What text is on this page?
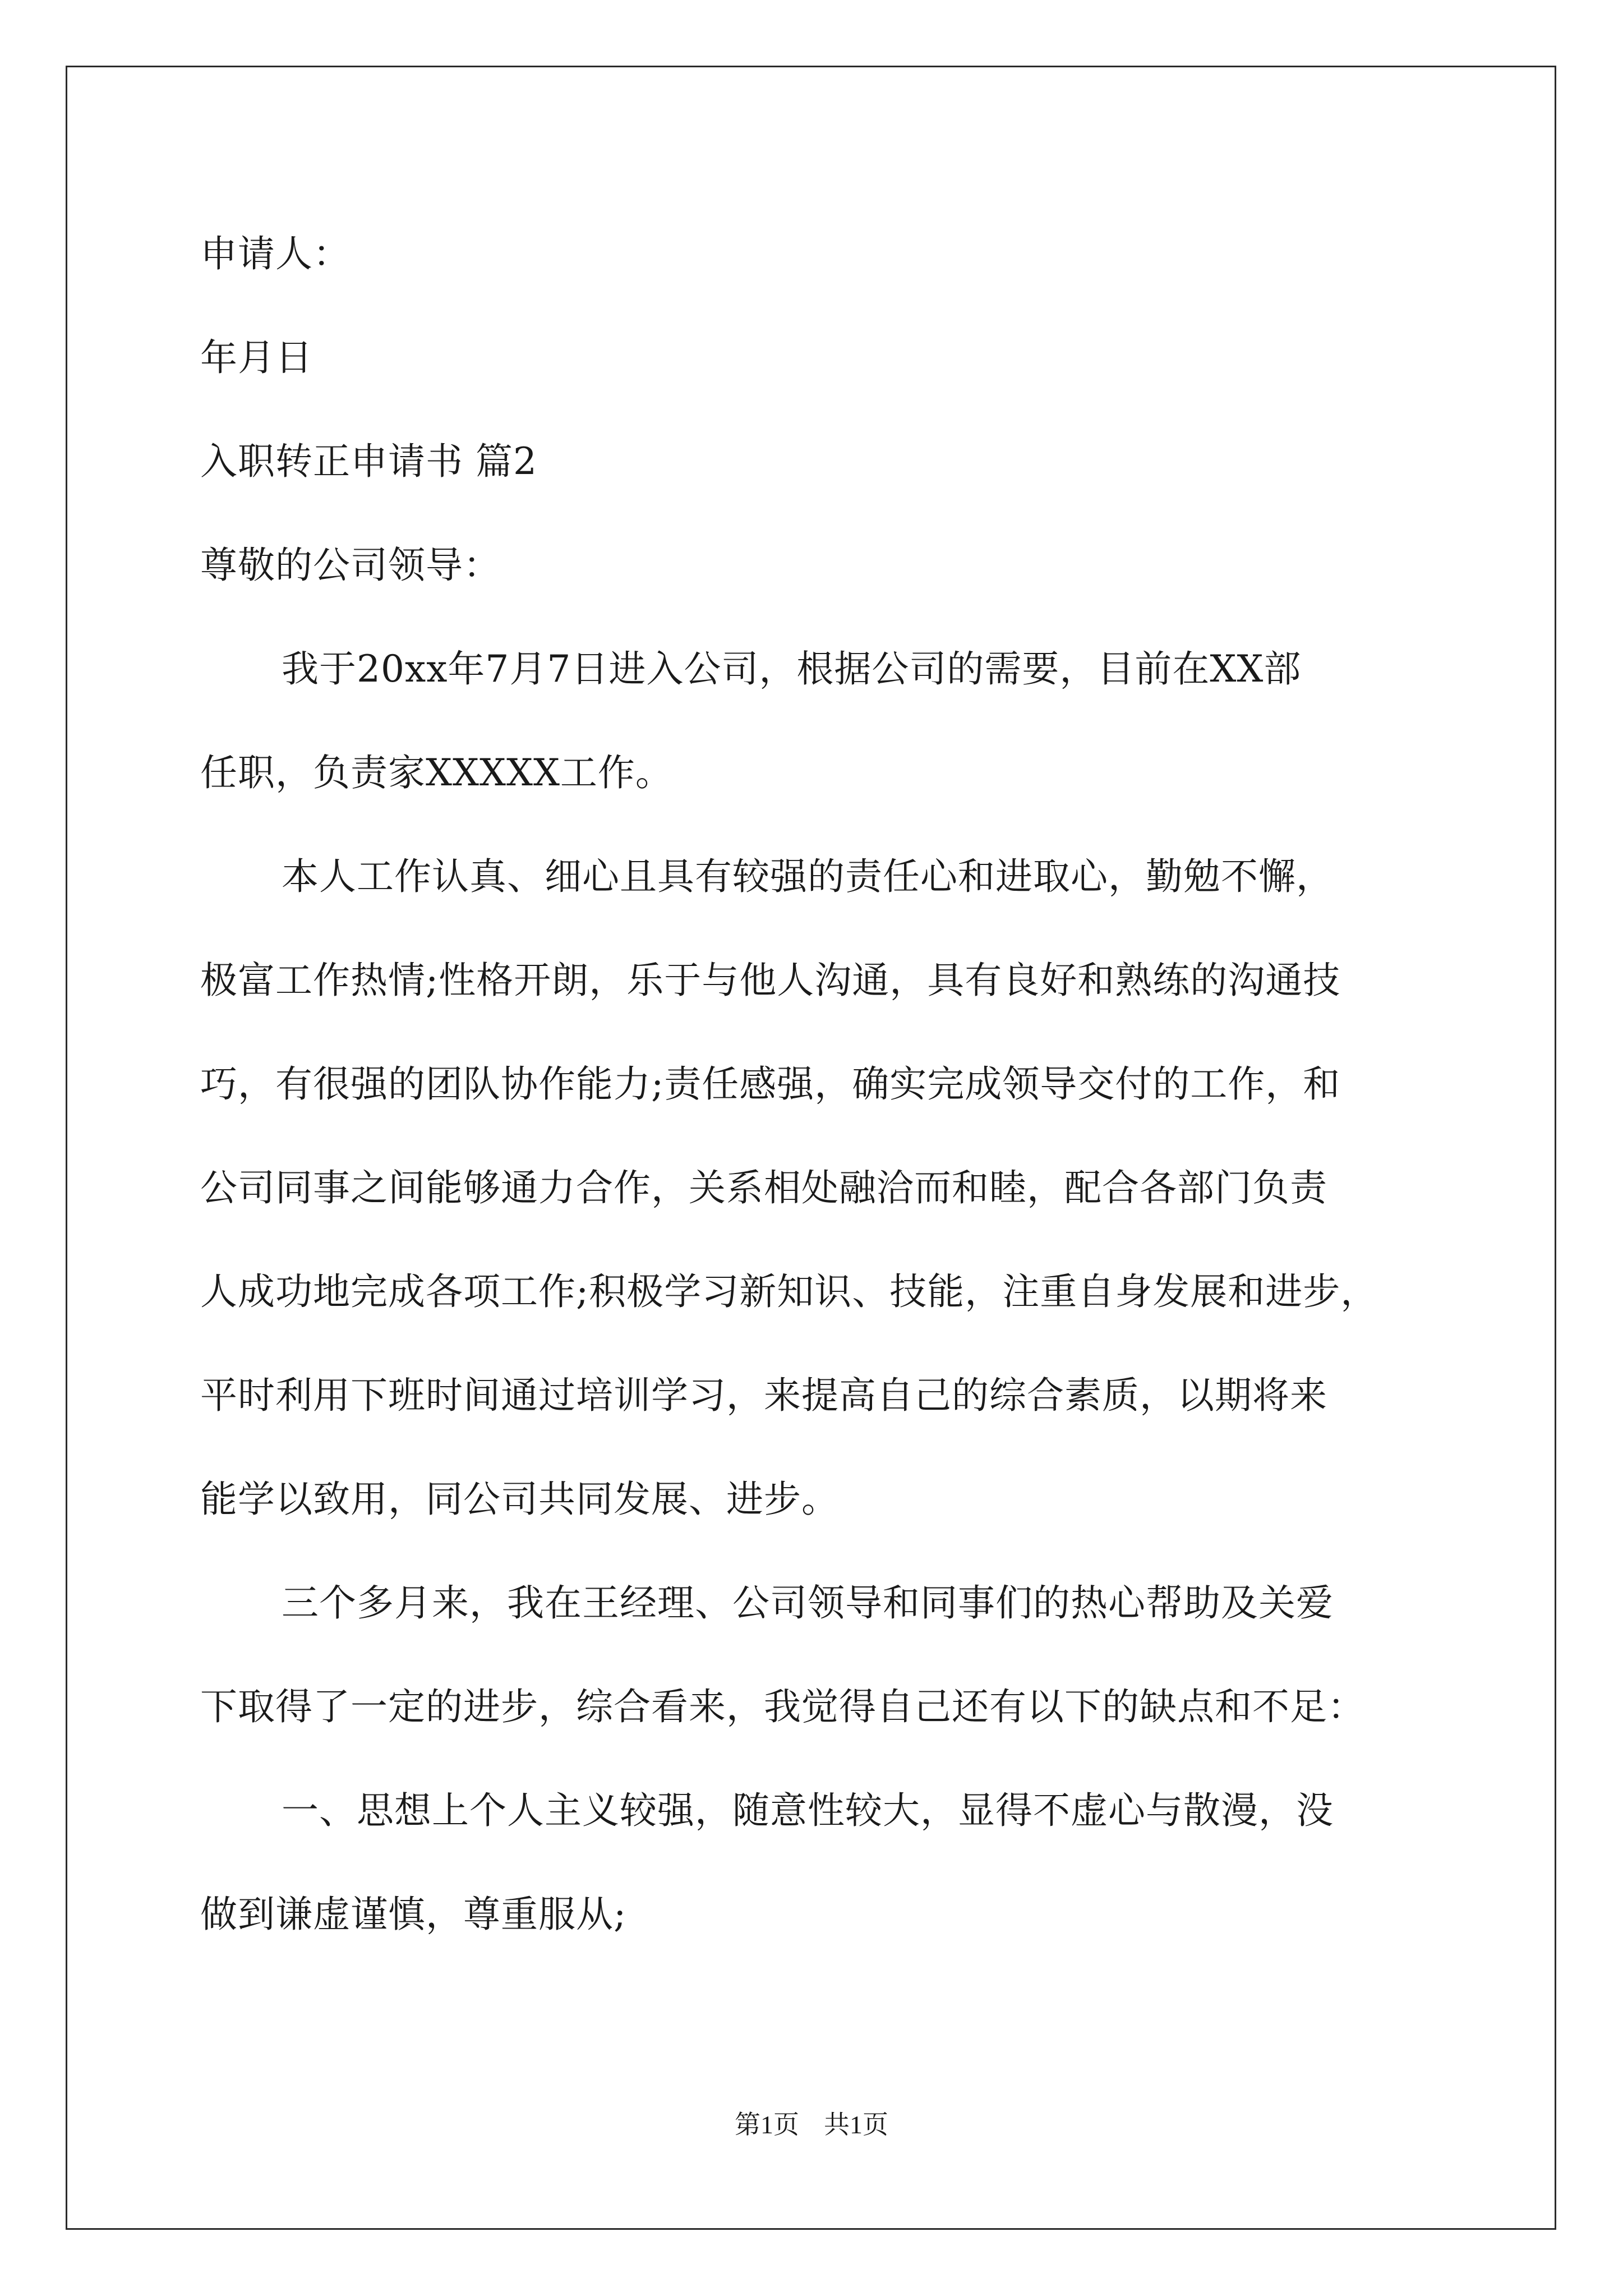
申请人：
年月日
入职转正申请书 篇2
尊敬的公司领导：
我于20xx年7月7日进入公司，根据公司的需要，目前在XX部
任职，负责家XXXXX工作。
本人工作认真、细心且具有较强的责任心和进取心，勤勉不懈，
极富工作热情;性格开朗，乐于与他人沟通，具有良好和熟练的沟通技
巧，有很强的团队协作能力;责任感强，确实完成领导交付的工作，和
公司同事之间能够通力合作，关系相处融洽而和睦，配合各部门负责
人成功地完成各项工作;积极学习新知识、技能，注重自身发展和进步，
平时利用下班时间通过培训学习，来提高自己的综合素质，以期将来
能学以致用，同公司共同发展、进步。
三个多月来，我在王经理、公司领导和同事们的热心帮助及关爱
下取得了一定的进步，综合看来，我觉得自己还有以下的缺点和不足：
一、思想上个人主义较强，随意性较大，显得不虚心与散漫，没
做到谦虚谨慎，尊重服从;
第1页 共1页
